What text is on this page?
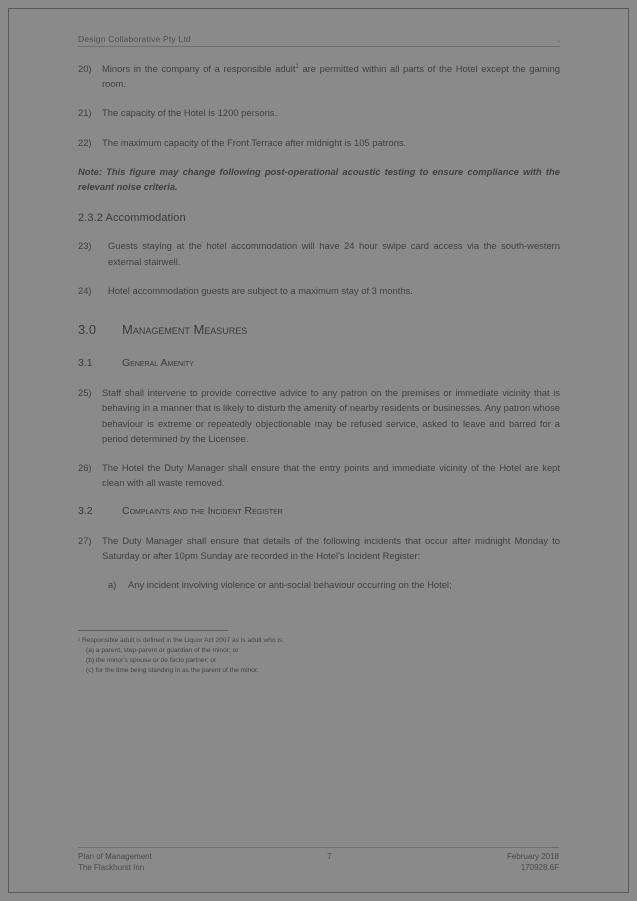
Design Collaborative Pty Ltd	.

20)	Minors in the company of a responsible adult$^1$ are permitted within all parts of the Hotel except the gaming room.

21)	The capacity of the Hotel is 1200 persons.

22)	The maximum capacity of the Front Terrace after midnight is 105 patrons.

Note: This figure may change following post-operational acoustic testing to ensure compliance with the relevant noise criteria.

2.3.2 Accommodation

23)	Guests staying at the hotel accommodation will have 24 hour swipe card access via the south-western external stairwell.

24)	Hotel accommodation guests are subject to a maximum stay of 3 months.

3.0	Management Measures
3.1	General Amenity

25)	Staff shall intervene to provide corrective advice to any patron on the premises or immediate vicinity that is behaving in a manner that is likely to disturb the amenity of nearby residents or businesses. Any patron whose behaviour is extreme or repeatedly objectionable may be refused service, asked to leave and barred for a period determined by the Licensee.

26)	The Hotel the Duty Manager shall ensure that the entry points and immediate vicinity of the Hotel are kept clean with all waste removed.

3.2	Complaints and the Incident Register

27)	The Duty Manager shall ensure that details of the following incidents that occur after midnight Monday to Saturday or after 10pm Sunday are recorded in the Hotel's Incident Register:

a)	Any incident involving violence or anti-social behaviour occurring on the Hotel;

¹ Responsible adult is defined in the Liquor Act 2007 as is adult who is:

(a) a parent, step-parent or guardian of the minor; or

(b) the minor's spouse or de facto partner; or

(c) for the time being standing in as the parent of the minor.

Plan of Management
The Flackhurst Inn
7	February 2018
170928.6F
